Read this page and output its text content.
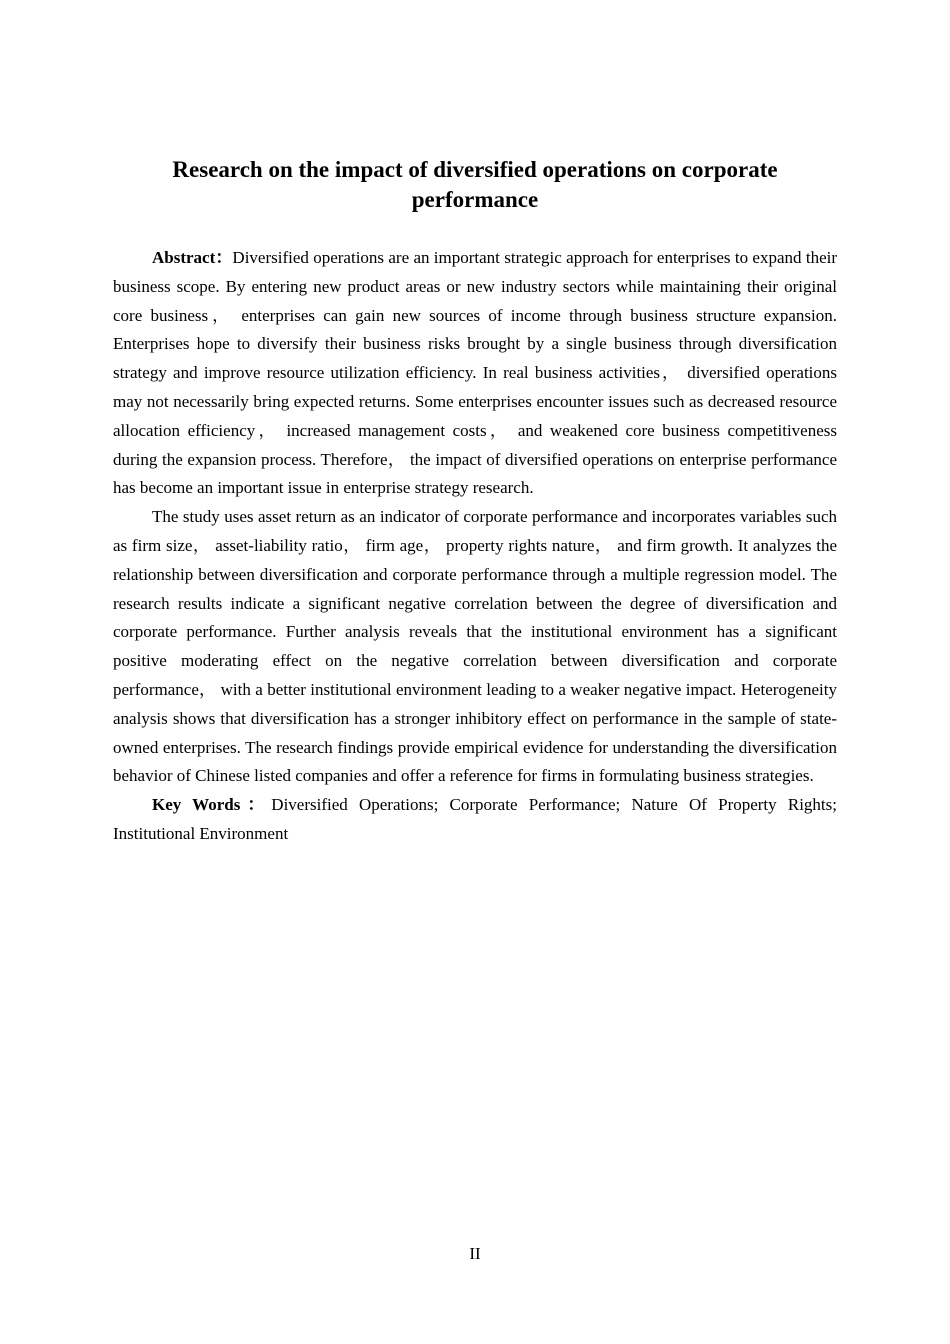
Research on the impact of diversified operations on corporate performance

Abstract：Diversified operations are an important strategic approach for enterprises to expand their business scope. By entering new product areas or new industry sectors while maintaining their original core business， enterprises can gain new sources of income through business structure expansion. Enterprises hope to diversify their business risks brought by a single business through diversification strategy and improve resource utilization efficiency. In real business activities， diversified operations may not necessarily bring expected returns. Some enterprises encounter issues such as decreased resource allocation efficiency， increased management costs， and weakened core business competitiveness during the expansion process. Therefore， the impact of diversified operations on enterprise performance has become an important issue in enterprise strategy research.

The study uses asset return as an indicator of corporate performance and incorporates variables such as firm size， asset-liability ratio， firm age， property rights nature， and firm growth. It analyzes the relationship between diversification and corporate performance through a multiple regression model. The research results indicate a significant negative correlation between the degree of diversification and corporate performance. Further analysis reveals that the institutional environment has a significant positive moderating effect on the negative correlation between diversification and corporate performance， with a better institutional environment leading to a weaker negative impact. Heterogeneity analysis shows that diversification has a stronger inhibitory effect on performance in the sample of state-owned enterprises. The research findings provide empirical evidence for understanding the diversification behavior of Chinese listed companies and offer a reference for firms in formulating business strategies.

Key Words：Diversified Operations; Corporate Performance; Nature Of Property Rights; Institutional Environment

II
